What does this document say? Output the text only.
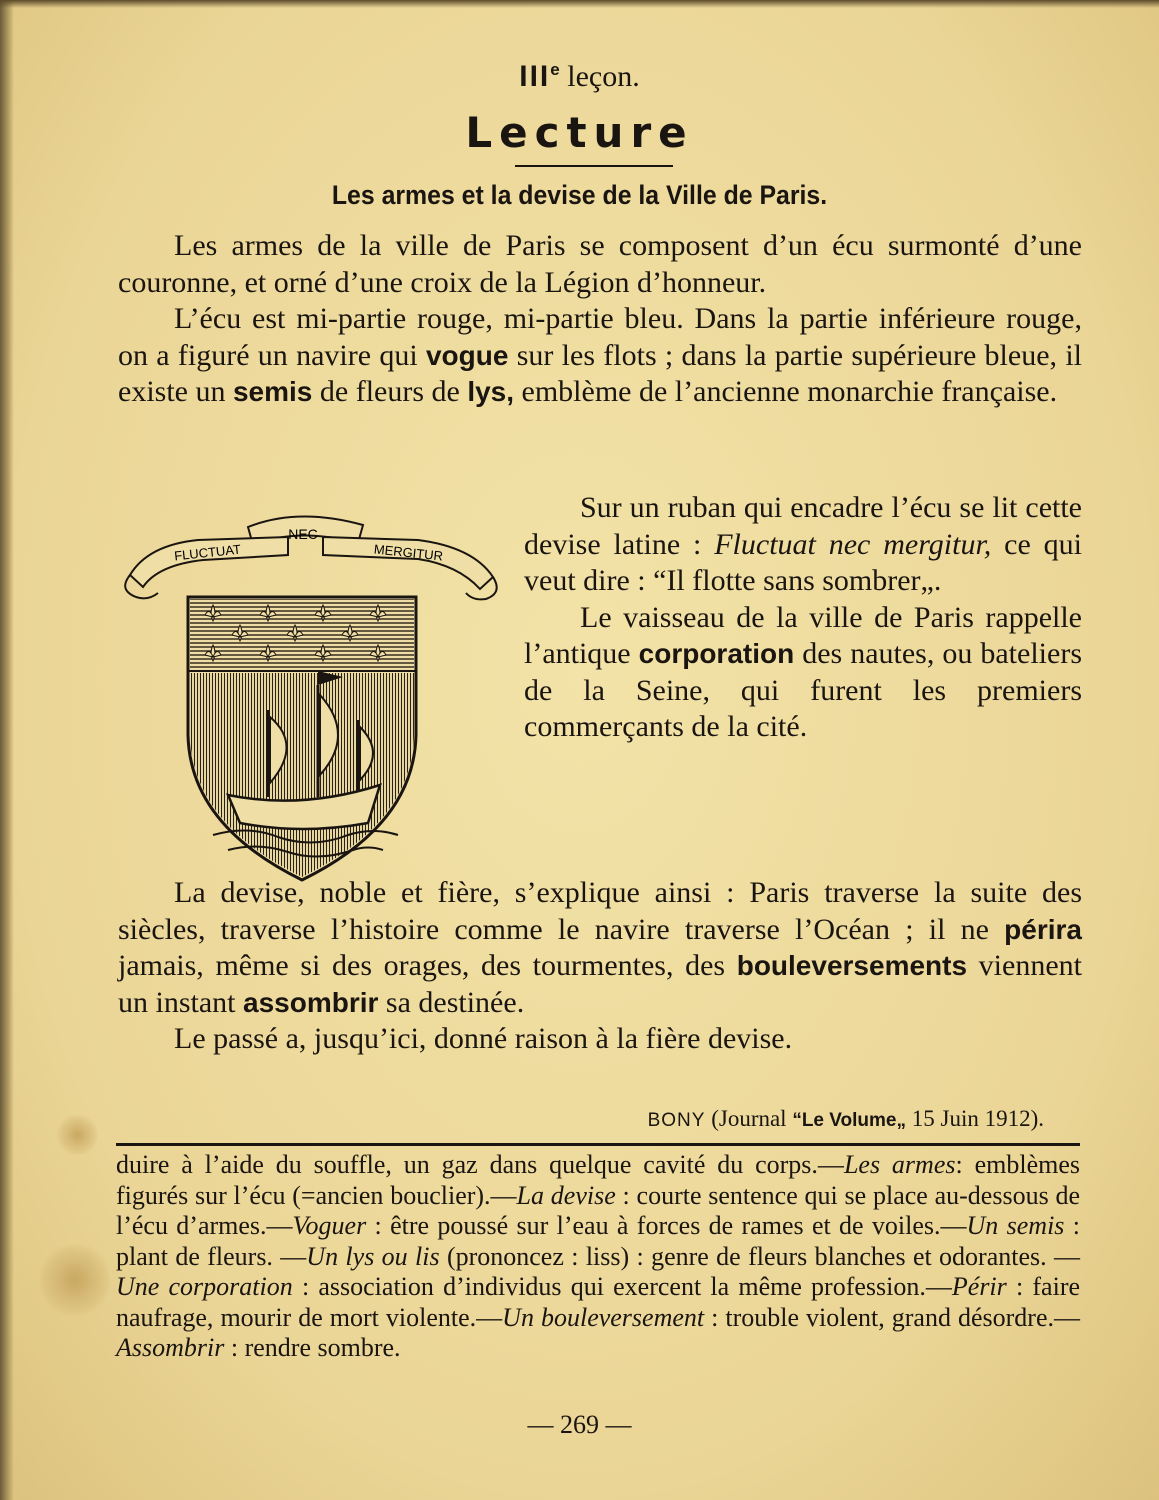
IIIe leçon.
Lecture
Les armes et la devise de la Ville de Paris.

Les armes de la ville de Paris se composent d’un écu surmonté d’une couronne, et orné d’une croix de la Légion d’honneur.

L’écu est mi-partie rouge, mi-partie bleu. Dans la partie inférieure rouge, on a figuré un navire qui vogue sur les flots ; dans la partie supérieure bleue, il existe un semis de fleurs de lys, emblème de l’ancienne monarchie française.

NEC
FLUCTUAT	MERGITUR

Sur un ruban qui encadre l’écu se lit cette devise latine : Fluctuat nec mergitur, ce qui veut dire : “Il flotte sans sombrer„.

Le vaisseau de la ville de Paris rappelle l’antique corporation des nautes, ou bateliers de la Seine, qui furent les premiers commerçants de la cité.

La devise, noble et fière, s’explique ainsi : Paris traverse la suite des siècles, traverse l’histoire comme le navire traverse l’Océan ; il ne périra jamais, même si des orages, des tourmentes, des bouleversements viennent un instant assombrir sa destinée.

Le passé a, jusqu’ici, donné raison à la fière devise.

BONY (Journal “Le Volume„ 15 Juin 1912).
duire à l’aide du souffle, un gaz dans quelque cavité du corps.—Les armes: emblèmes figurés sur l’écu (=ancien bouclier).—La devise : courte sentence qui se place au-dessous de l’écu d’armes.—Voguer : être poussé sur l’eau à forces de rames et de voiles.—Un semis : plant de fleurs. —Un lys ou lis (prononcez : liss) : genre de fleurs blanches et odorantes. —Une corporation : association d’individus qui exercent la même profession.—Périr : faire naufrage, mourir de mort violente.—Un bouleversement : trouble violent, grand désordre.—Assombrir : rendre sombre.
— 269 —
